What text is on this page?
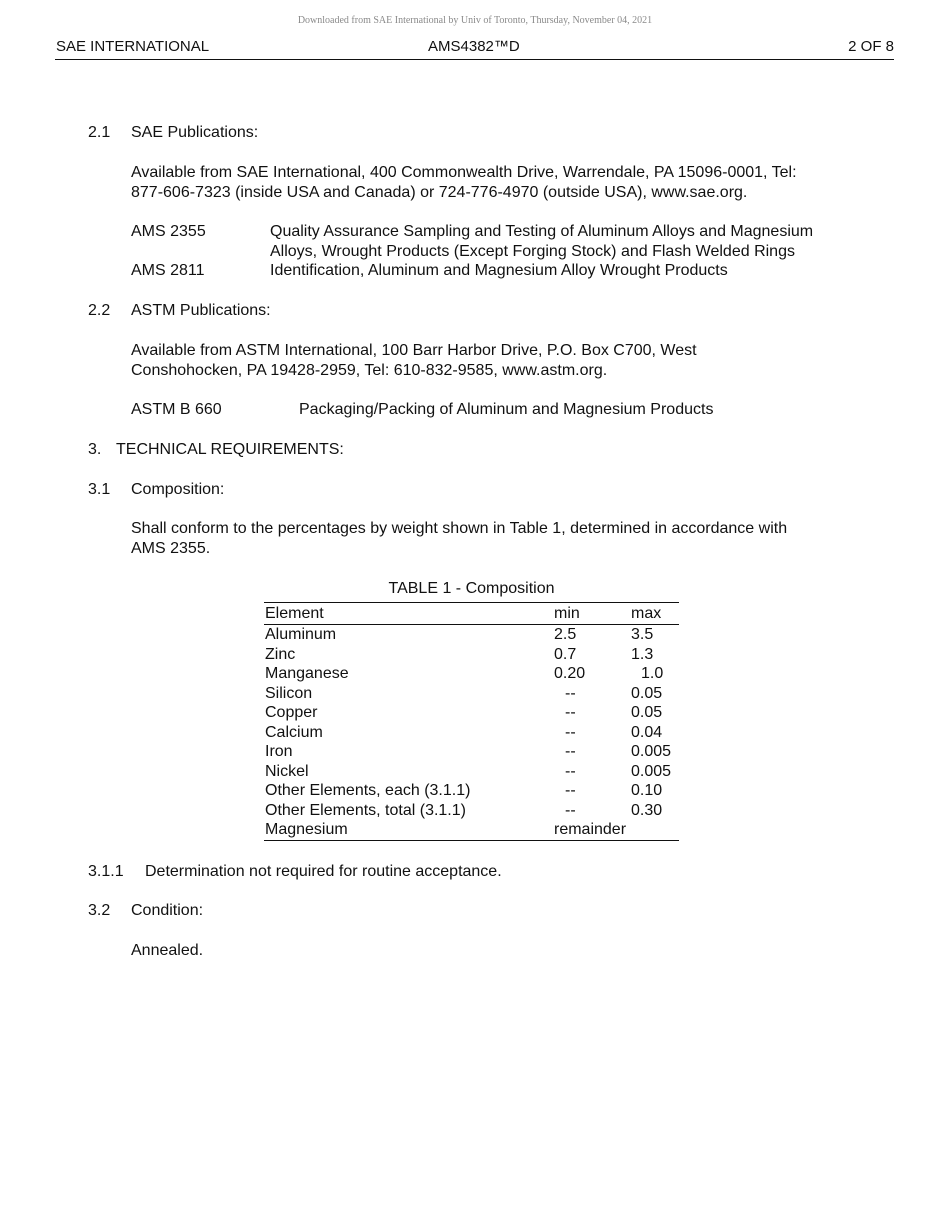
Downloaded from SAE International by Univ of Toronto, Thursday, November 04, 2021
SAE INTERNATIONAL	AMS4382™D	2 OF 8
2.1 SAE Publications:
Available from SAE International, 400 Commonwealth Drive, Warrendale, PA 15096-0001, Tel:
877-606-7323 (inside USA and Canada) or 724-776-4970 (outside USA), www.sae.org.
AMS 2355	Quality Assurance Sampling and Testing of Aluminum Alloys and Magnesium
Alloys, Wrought Products (Except Forging Stock) and Flash Welded Rings
AMS 2811	Identification, Aluminum and Magnesium Alloy Wrought Products
2.2 ASTM Publications:
Available from ASTM International, 100 Barr Harbor Drive, P.O. Box C700, West
Conshohocken, PA 19428-2959, Tel: 610-832-9585, www.astm.org.
ASTM B 660	Packaging/Packing of Aluminum and Magnesium Products
3. TECHNICAL REQUIREMENTS:
3.1 Composition:
Shall conform to the percentages by weight shown in Table 1, determined in accordance with
AMS 2355.
TABLE 1 - Composition
Element	min	max
Aluminum	2.5	3.5
Zinc	0.7	1.3
Manganese	0.20	1.0
Silicon	--	0.05
Copper	--	0.05
Calcium	--	0.04
Iron	--	0.005
Nickel	--	0.005
Other Elements, each (3.1.1)	--	0.10
Other Elements, total (3.1.1)	--	0.30
Magnesium	remainder
3.1.1 Determination not required for routine acceptance.
3.2 Condition:
Annealed.
